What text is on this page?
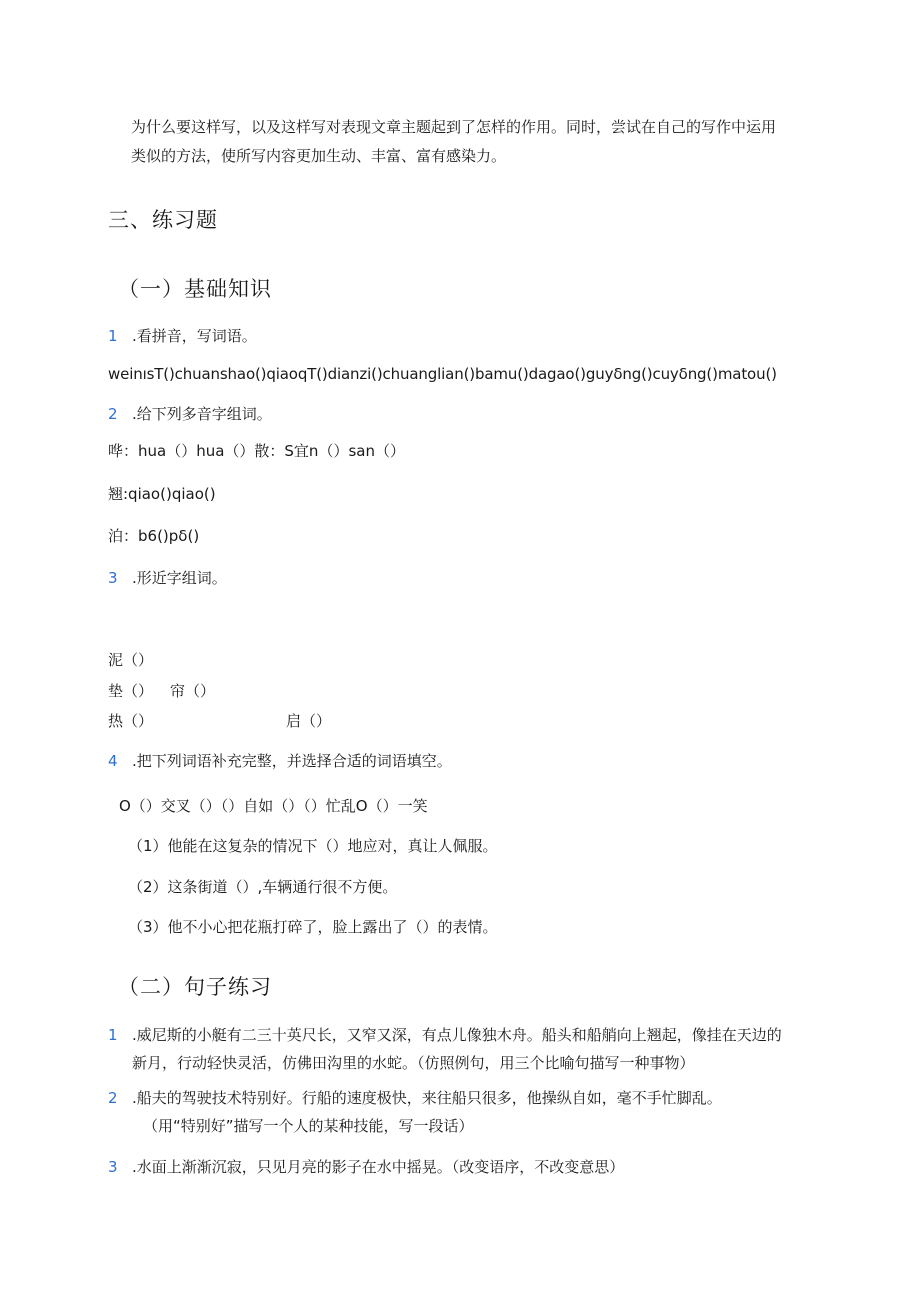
为什么要这样写，以及这样写对表现文章主题起到了怎样的作用。同时，尝试在自己的写作中运用
类似的方法，使所写内容更加生动、丰富、富有感染力。
三、练习题
（一）基础知识
1 .看拼音，写词语。
weinısT()chuanshao()qiaoqT()dianzi()chuanglian()bamu()dagao()guyδng()cuyδng()matou()
2 .给下列多音字组词。
哗：hua（）hua（）散：S宜n（）san（）
翘:qiao()qiao()
泊：b6()pδ()
3 .形近字组词。
泥（）
垫（） 帘（）
热（）	启（）
4 .把下列词语补充完整，并选择合适的词语填空。
O（）交叉（）（）自如（）（）忙乱O（）一笑
（1）他能在这复杂的情况下（）地应对，真让人佩服。
（2）这条街道（）,车辆通行很不方便。
（3）他不小心把花瓶打碎了，脸上露出了（）的表情。
（二）句子练习
1 .威尼斯的小艇有二三十英尺长，又窄又深，有点儿像独木舟。船头和船艄向上翘起，像挂在天边的
新月，行动轻快灵活，仿佛田沟里的水蛇。（仿照例句，用三个比喻句描写一种事物）
2 .船夫的驾驶技术特别好。行船的速度极快，来往船只很多，他操纵自如，毫不手忙脚乱。
（用“特别好”描写一个人的某种技能，写一段话）
3 .水面上渐渐沉寂，只见月亮的影子在水中摇晃。（改变语序，不改变意思）
